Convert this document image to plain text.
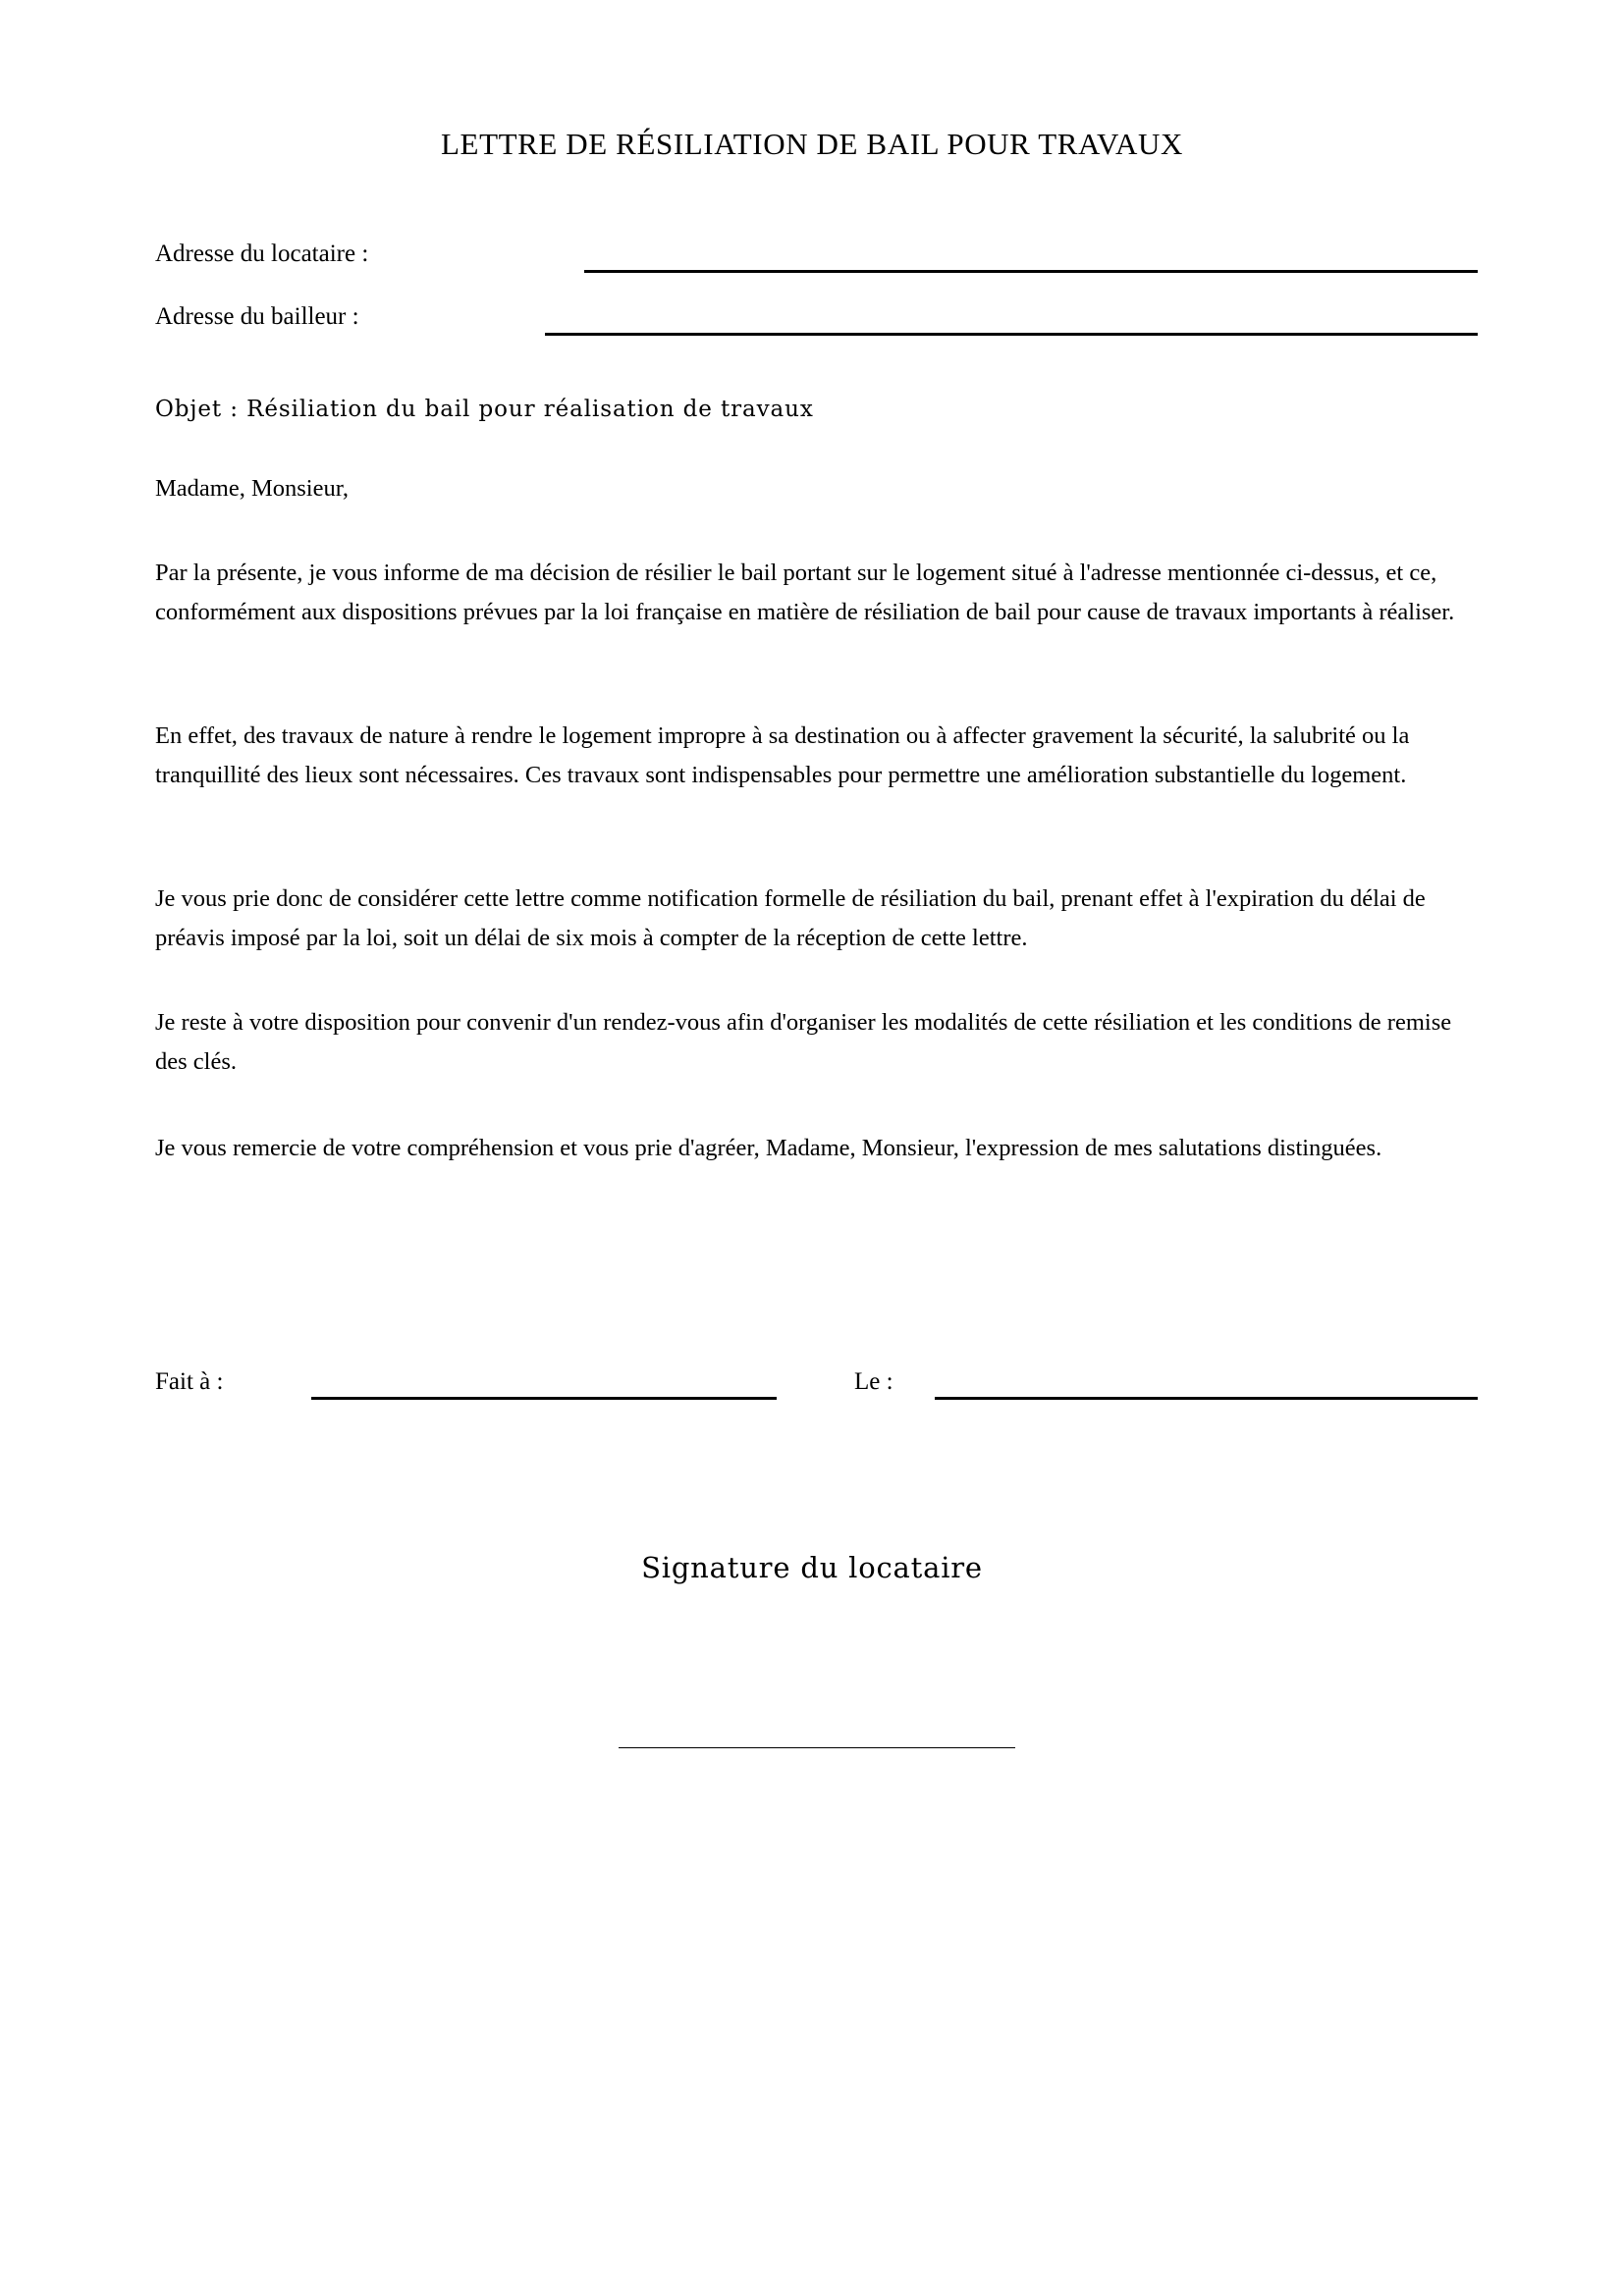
LETTRE DE RÉSILIATION DE BAIL POUR TRAVAUX
Adresse du locataire :
Adresse du bailleur :
Objet : Résiliation du bail pour réalisation de travaux
Madame, Monsieur,
Par la présente, je vous informe de ma décision de résilier le bail portant sur le logement situé à l'adresse mentionnée ci-dessus, et ce, conformément aux dispositions prévues par la loi française en matière de résiliation de bail pour cause de travaux importants à réaliser.
En effet, des travaux de nature à rendre le logement impropre à sa destination ou à affecter gravement la sécurité, la salubrité ou la tranquillité des lieux sont nécessaires. Ces travaux sont indispensables pour permettre une amélioration substantielle du logement.
Je vous prie donc de considérer cette lettre comme notification formelle de résiliation du bail, prenant effet à l'expiration du délai de préavis imposé par la loi, soit un délai de six mois à compter de la réception de cette lettre.
Je reste à votre disposition pour convenir d'un rendez-vous afin d'organiser les modalités de cette résiliation et les conditions de remise des clés.
Je vous remercie de votre compréhension et vous prie d'agréer, Madame, Monsieur, l'expression de mes salutations distinguées.
Fait à :	Le :
Signature du locataire
